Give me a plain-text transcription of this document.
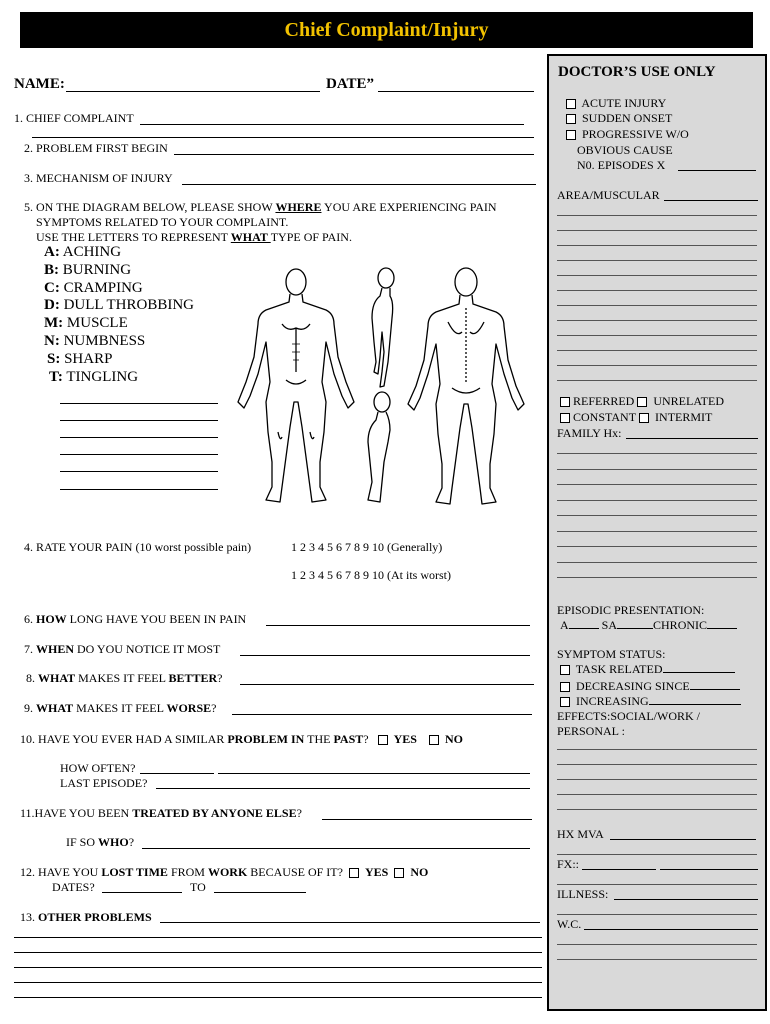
Chief Complaint/Injury
NAME:	DATE”
1. CHIEF COMPLAINT
2. PROBLEM FIRST BEGIN
3. MECHANISM OF INJURY
5. ON THE DIAGRAM BELOW, PLEASE SHOW WHERE YOU ARE EXPERIENCING PAIN
SYMPTOMS RELATED TO YOUR COMPLAINT.
USE THE LETTERS TO REPRESENT WHAT TYPE OF PAIN.
A: ACHING
B: BURNING
C: CRAMPING
D: DULL THROBBING
M: MUSCLE
N: NUMBNESS
S: SHARP
T: TINGLING
4. RATE YOUR PAIN (10 worst possible pain)	1 2 3 4 5 6 7 8 9 10 (Generally)
1 2 3 4 5 6 7 8 9 10 (At its worst)
6. HOW LONG HAVE YOU BEEN IN PAIN
7. WHEN DO YOU NOTICE IT MOST
8. WHAT MAKES IT FEEL BETTER?
9. WHAT MAKES IT FEEL WORSE?
10. HAVE YOU EVER HAD A SIMILAR PROBLEM IN THE PAST? YES NO
HOW OFTEN?
LAST EPISODE?
11.HAVE YOU BEEN TREATED BY ANYONE ELSE?
IF SO WHO?
12. HAVE YOU LOST TIME FROM WORK BECAUSE OF IT? YES NO
DATES?	TO
13. OTHER PROBLEMS
DOCTOR’S USE ONLY
ACUTE INJURY
SUDDEN ONSET
PROGRESSIVE W/O
OBVIOUS CAUSE
N0. EPISODES X
AREA/MUSCULAR
REFERRED UNRELATED
CONSTANT INTERMIT
FAMILY Hx:
EPISODIC PRESENTATION:
A	SA	CHRONIC
SYMPTOM STATUS:
TASK RELATED
DECREASING SINCE
INCREASING
EFFECTS:SOCIAL/WORK /
PERSONAL :
HX MVA
FX::
ILLNESS:
W.C.
